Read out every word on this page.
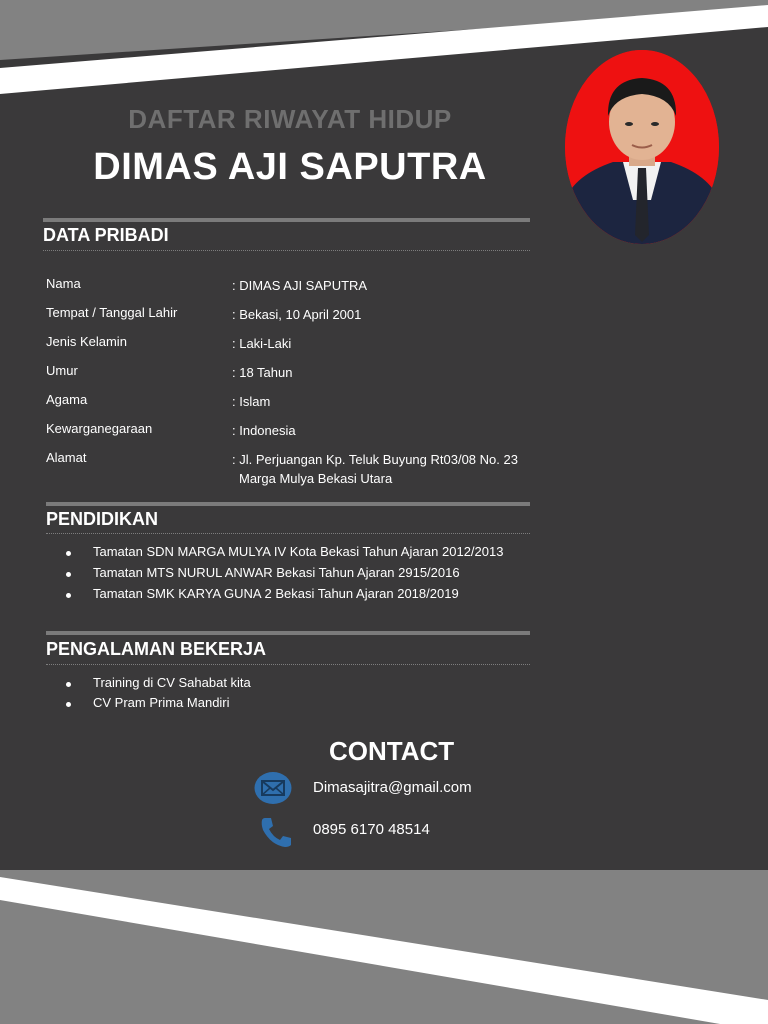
DAFTAR RIWAYAT HIDUP
DIMAS AJI SAPUTRA
DATA PRIBADI
Nama	: DIMAS AJI SAPUTRA
Tempat / Tanggal Lahir	: Bekasi, 10 April 2001
Jenis Kelamin	: Laki-Laki
Umur	: 18 Tahun
Agama	: Islam
Kewarganegaraan	: Indonesia
Alamat	: Jl. Perjuangan Kp. Teluk Buyung Rt03/08 No. 23
Marga Mulya Bekasi Utara
PENDIDIKAN
Tamatan SDN MARGA MULYA IV Kota Bekasi Tahun Ajaran 2012/2013
Tamatan MTS NURUL ANWAR Bekasi Tahun Ajaran 2915/2016
Tamatan SMK KARYA GUNA 2 Bekasi Tahun Ajaran 2018/2019
PENGALAMAN BEKERJA
Training di CV Sahabat kita
CV Pram Prima Mandiri
CONTACT
Dimasajitra@gmail.com
0895 6170 48514
